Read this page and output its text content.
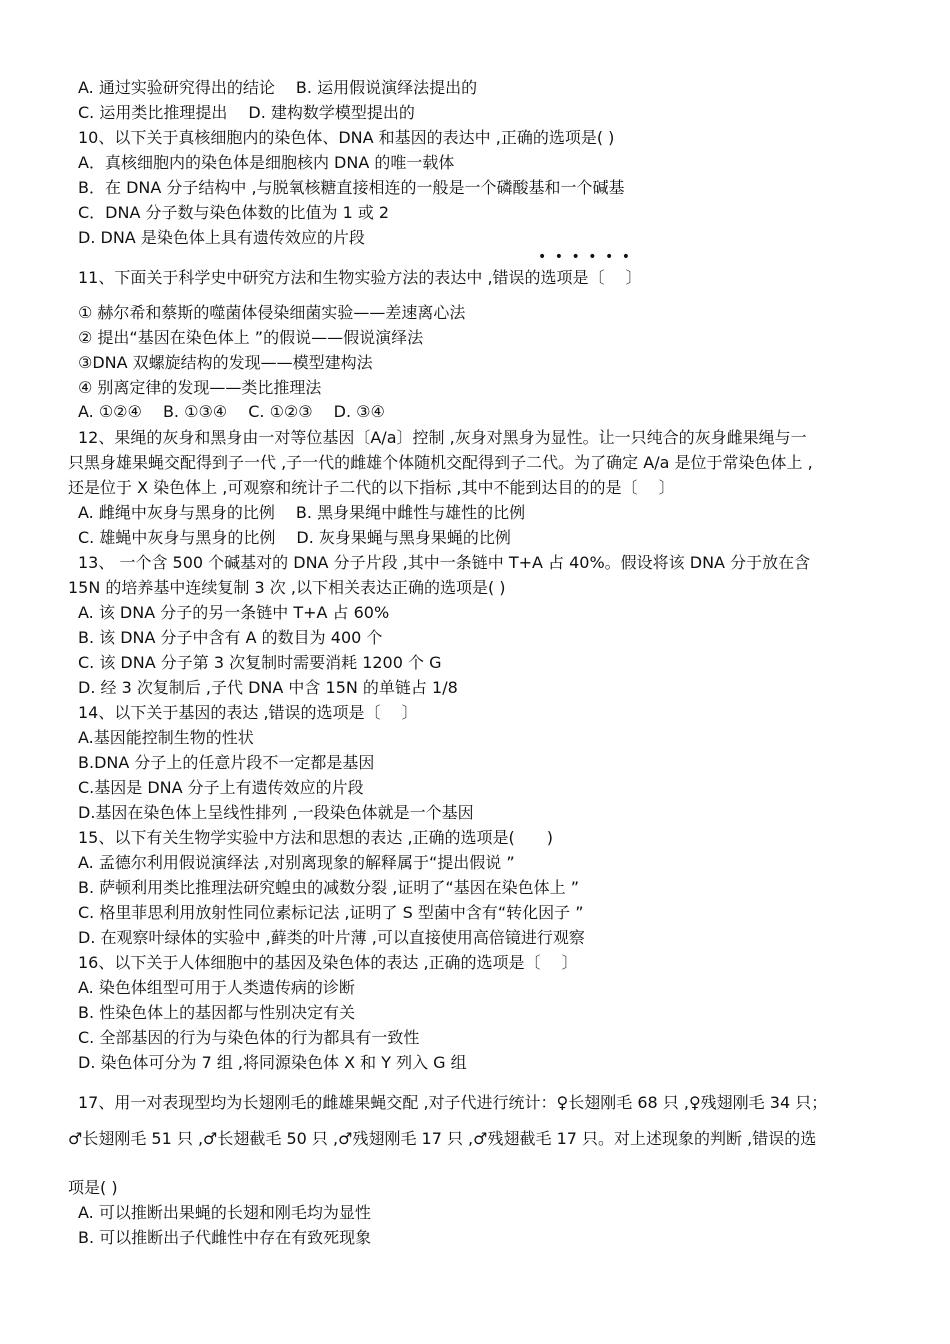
A. 通过实验研究得出的结论　 B. 运用假说演绎法提出的
C. 运用类比推理提出　 D. 建构数学模型提出的
10、以下关于真核细胞内的染色体、DNA 和基因的表达中 ,正确的选项是( )
A．真核细胞内的染色体是细胞核内 DNA 的唯一载体
B．在 DNA 分子结构中 ,与脱氧核糖直接相连的一般是一个磷酸基和一个碱基
C．DNA 分子数与染色体数的比值为 1 或 2
D. DNA 是染色体上具有遗传效应的片段
••••••
11、下面关于科学史中研究方法和生物实验方法的表达中 ,错误的选项是〔　 〕
① 赫尔希和蔡斯的噬菌体侵染细菌实验——差速离心法
② 提出“基因在染色体上 ”的假说——假说演绎法
③DNA 双螺旋结构的发现——模型建构法
④ 别离定律的发现——类比推理法
A. ①②④　 B. ①③④　 C. ①②③　 D. ③④
12、果绳的灰身和黑身由一对等位基因〔A/a〕控制 ,灰身对黑身为显性。让一只纯合的灰身雌果绳与一
只黑身雄果蝇交配得到子一代 ,子一代的雌雄个体随机交配得到子二代。为了确定 A/a 是位于常染色体上 ,
还是位于 X 染色体上 ,可观察和统计子二代的以下指标 ,其中不能到达目的的是〔　 〕
A. 雌绳中灰身与黑身的比例　 B. 黑身果绳中雌性与雄性的比例
C. 雄蝇中灰身与黑身的比例　 D. 灰身果蝇与黑身果蝇的比例
13、 一个含 500 个碱基对的 DNA 分子片段 ,其中一条链中 T+A 占 40%。假设将该 DNA 分于放在含
15N 的培养基中连续复制 3 次 ,以下相关表达正确的选项是( )
A. 该 DNA 分子的另一条链中 T+A 占 60%
B. 该 DNA 分子中含有 A 的数目为 400 个
C. 该 DNA 分子第 3 次复制时需要消耗 1200 个 G
D. 经 3 次复制后 ,子代 DNA 中含 15N 的单链占 1/8
14、以下关于基因的表达 ,错误的选项是〔　 〕
A.基因能控制生物的性状
B.DNA 分子上的任意片段不一定都是基因
C.基因是 DNA 分子上有遗传效应的片段
D.基因在染色体上呈线性排列 ,一段染色体就是一个基因
15、以下有关生物学实验中方法和思想的表达 ,正确的选项是(　　)
A. 孟德尔利用假说演绎法 ,对别离现象的解释属于“提出假说 ”
B. 萨顿利用类比推理法研究蝗虫的减数分裂 ,证明了“基因在染色体上 ”
C. 格里菲思利用放射性同位素标记法 ,证明了 S 型菌中含有“转化因子 ”
D. 在观察叶绿体的实验中 ,藓类的叶片薄 ,可以直接使用高倍镜进行观察
16、以下关于人体细胞中的基因及染色体的表达 ,正确的选项是〔　 〕
A. 染色体组型可用于人类遗传病的诊断
B. 性染色体上的基因都与性别决定有关
C. 全部基因的行为与染色体的行为都具有一致性
D. 染色体可分为 7 组 ,将同源染色体 X 和 Y 列入 G 组
17、用一对表现型均为长翅刚毛的雌雄果蝇交配 ,对子代进行统计：♀长翅刚毛 68 只 ,♀残翅刚毛 34 只；
♂长翅刚毛 51 只 ,♂长翅截毛 50 只 ,♂残翅刚毛 17 只 ,♂残翅截毛 17 只。对上述现象的判断 ,错误的选
项是( )
A. 可以推断出果蝇的长翅和刚毛均为显性
B. 可以推断出子代雌性中存在有致死现象
